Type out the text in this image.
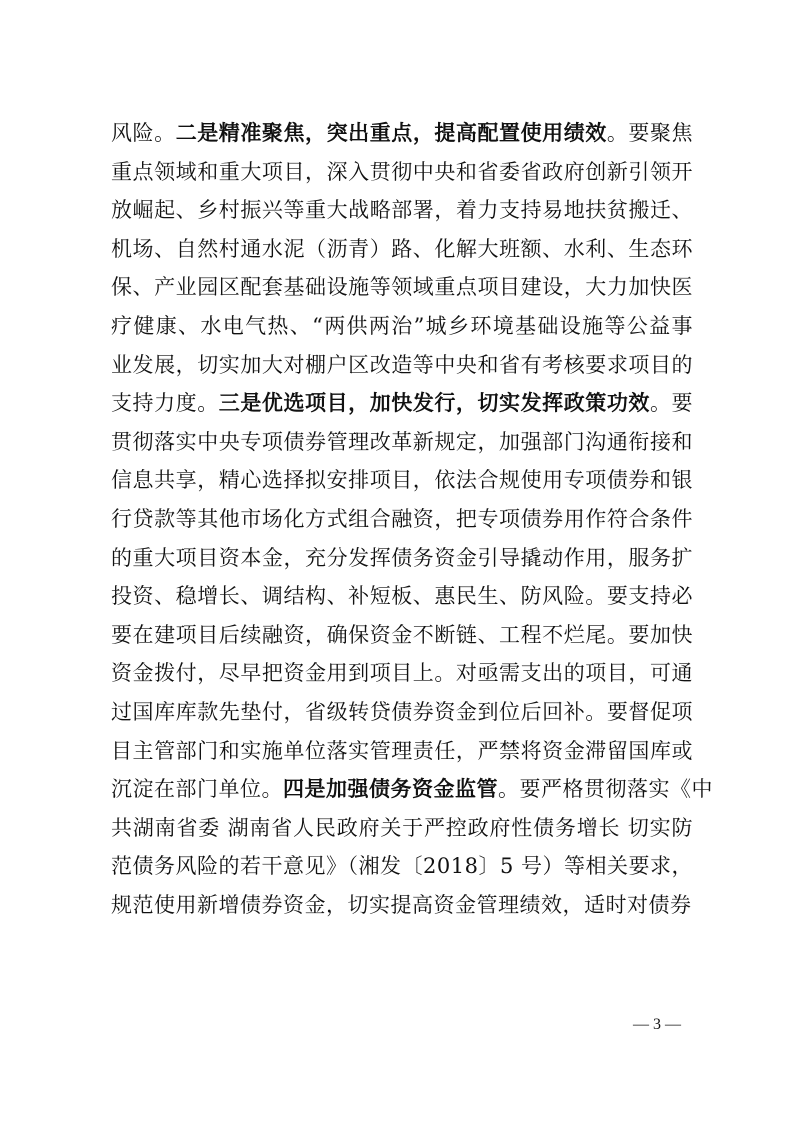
风险。二是精准聚焦，突出重点，提高配置使用绩效。要聚焦
重点领域和重大项目，深入贯彻中央和省委省政府创新引领开
放崛起、乡村振兴等重大战略部署，着力支持易地扶贫搬迁、
机场、自然村通水泥（沥青）路、化解大班额、水利、生态环
保、产业园区配套基础设施等领域重点项目建设，大力加快医
疗健康、水电气热、“两供两治”城乡环境基础设施等公益事
业发展，切实加大对棚户区改造等中央和省有考核要求项目的
支持力度。三是优选项目，加快发行，切实发挥政策功效。要
贯彻落实中央专项债券管理改革新规定，加强部门沟通衔接和
信息共享，精心选择拟安排项目，依法合规使用专项债券和银
行贷款等其他市场化方式组合融资，把专项债券用作符合条件
的重大项目资本金，充分发挥债务资金引导撬动作用，服务扩
投资、稳增长、调结构、补短板、惠民生、防风险。要支持必
要在建项目后续融资，确保资金不断链、工程不烂尾。要加快
资金拨付，尽早把资金用到项目上。对亟需支出的项目，可通
过国库库款先垫付，省级转贷债券资金到位后回补。要督促项
目主管部门和实施单位落实管理责任，严禁将资金滞留国库或
沉淀在部门单位。四是加强债务资金监管。要严格贯彻落实《中
共湖南省委 湖南省人民政府关于严控政府性债务增长 切实防
范债务风险的若干意见》（湘发〔2018〕5 号）等相关要求，
规范使用新增债券资金，切实提高资金管理绩效，适时对债券
— 3 —
